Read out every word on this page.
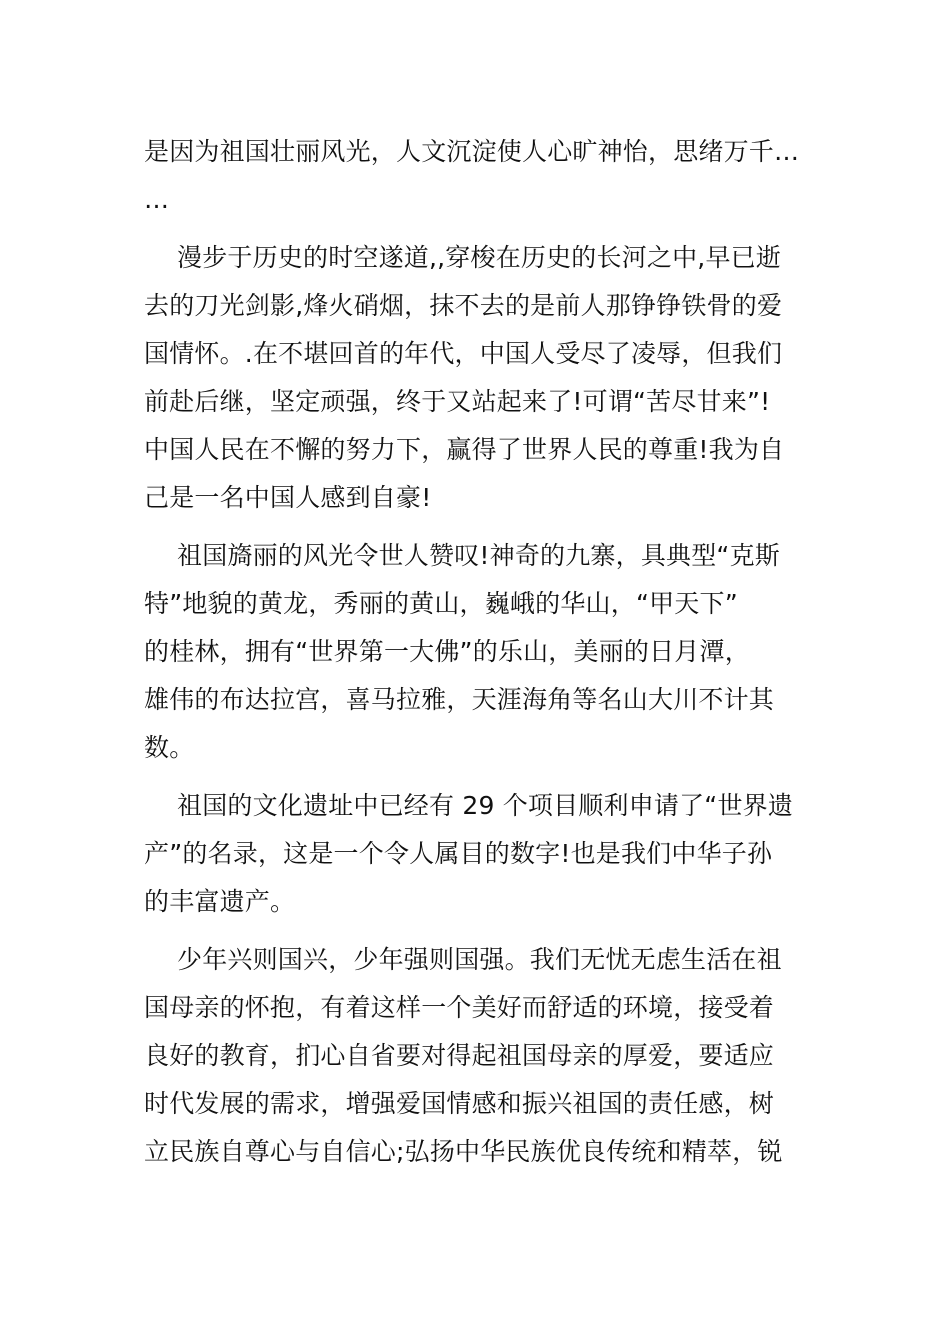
是因为祖国壮丽风光，人文沉淀使人心旷神怡，思绪万千…
…

漫步于历史的时空遂道,,穿梭在历史的长河之中,早已逝
去的刀光剑影,烽火硝烟，抹不去的是前人那铮铮铁骨的爱
国情怀。.在不堪回首的年代，中国人受尽了凌辱，但我们
前赴后继，坚定顽强，终于又站起来了!可谓“苦尽甘来”!
中国人民在不懈的努力下，赢得了世界人民的尊重!我为自
己是一名中国人感到自豪!

祖国旖丽的风光令世人赞叹!神奇的九寨，具典型“克斯
特”地貌的黄龙，秀丽的黄山，巍峨的华山，“甲天下”
的桂林，拥有“世界第一大佛”的乐山，美丽的日月潭，
雄伟的布达拉宫，喜马拉雅，天涯海角等名山大川不计其
数。

祖国的文化遗址中已经有 29 个项目顺利申请了“世界遗
产”的名录，这是一个令人属目的数字!也是我们中华子孙
的丰富遗产。

少年兴则国兴，少年强则国强。我们无忧无虑生活在祖
国母亲的怀抱，有着这样一个美好而舒适的环境，接受着
良好的教育，扪心自省要对得起祖国母亲的厚爱，要适应
时代发展的需求，增强爱国情感和振兴祖国的责任感，树
立民族自尊心与自信心;弘扬中华民族优良传统和精萃，锐
